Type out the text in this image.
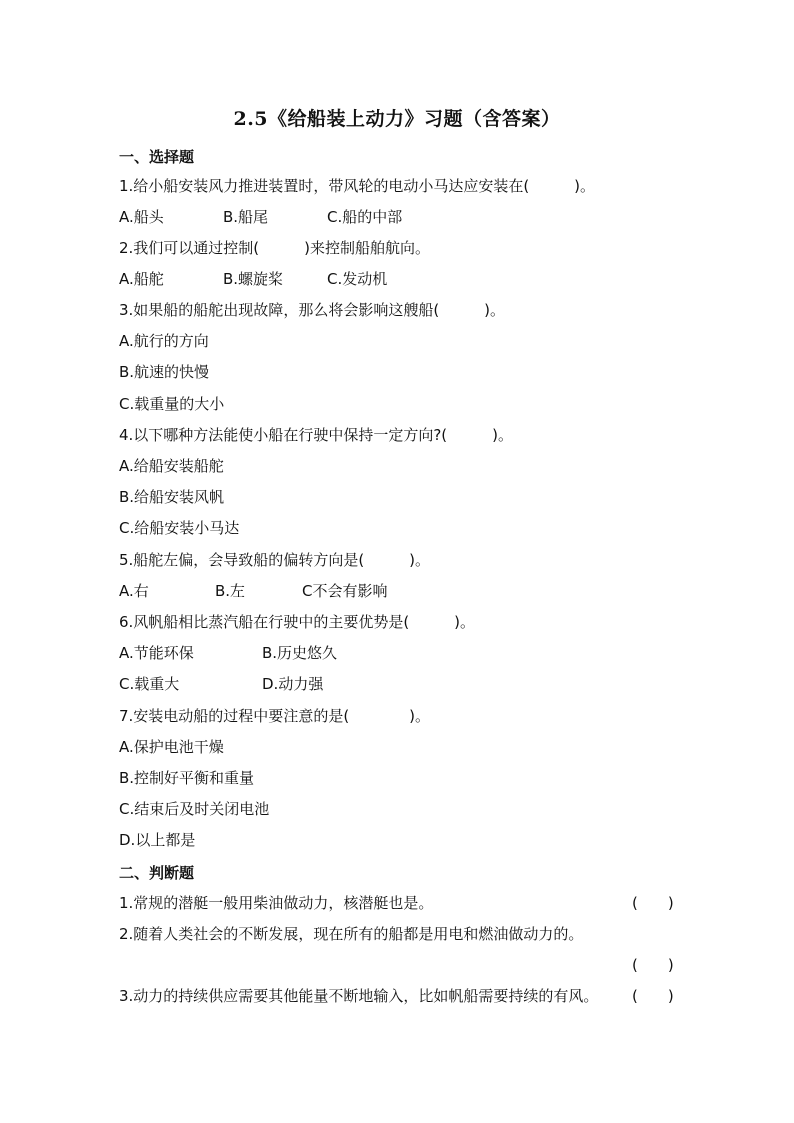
2.5《给船装上动力》习题（含答案）
一、选择题
1.给小船安装风力推进装置时，带风轮的电动小马达应安装在(　　　)。
A.船头	B.船尾	C.船的中部
2.我们可以通过控制(　　　)来控制船舶航向。
A.船舵	B.螺旋桨	C.发动机
3.如果船的船舵出现故障，那么将会影响这艘船(　　　)。
A.航行的方向
B.航速的快慢
C.载重量的大小
4.以下哪种方法能使小船在行驶中保持一定方向?(　　　)。
A.给船安装船舵
B.给船安装风帆
C.给船安装小马达
5.船舵左偏，会导致船的偏转方向是(　　　)。
A.右	B.左	C不会有影响
6.风帆船相比蒸汽船在行驶中的主要优势是(　　　)。
A.节能环保	B.历史悠久
C.载重大	D.动力强
7.安装电动船的过程中要注意的是(　　　　)。
A.保护电池干燥
B.控制好平衡和重量
C.结束后及时关闭电池
D.以上都是
二、判断题
1.常规的潜艇一般用柴油做动力，核潜艇也是。	(　　)
2.随着人类社会的不断发展，现在所有的船都是用电和燃油做动力的。
(　　)
3.动力的持续供应需要其他能量不断地输入，比如帆船需要持续的有风。 (　　)
